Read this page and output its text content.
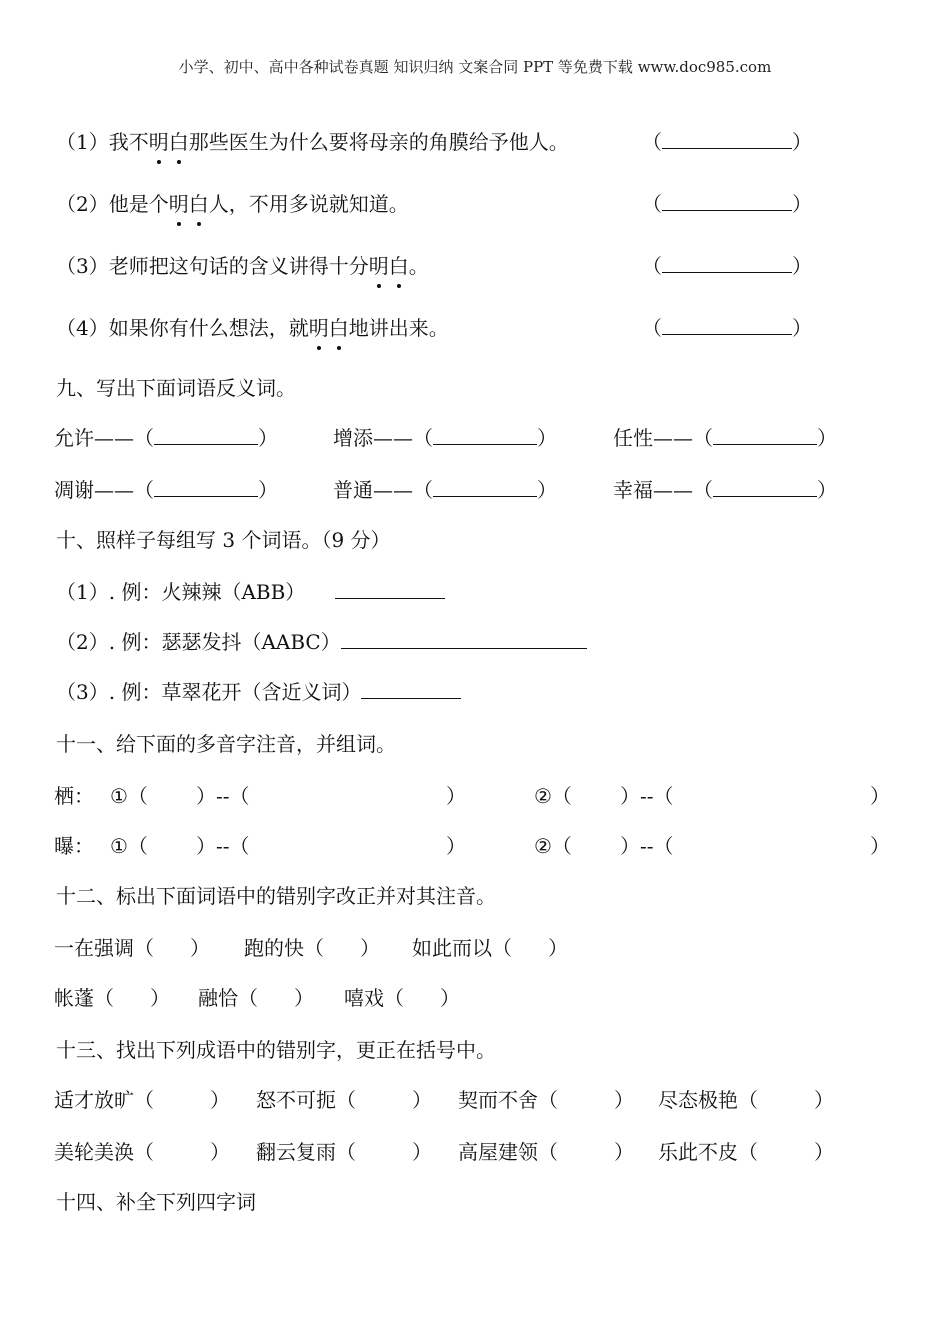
小学、初中、高中各种试卷真题 知识归纳 文案合同 PPT 等免费下载 www.doc985.com
（1）我不明白那些医生为什么要将母亲的角膜给予他人。	（	）
（2）他是个明白人，不用多说就知道。	（	）
（3）老师把这句话的含义讲得十分明白。	（	）
（4）如果你有什么想法，就明白地讲出来。	（	）
九、写出下面词语反义词。
允许——（	）	增添——（	）	任性——（	）
凋谢——（	）	普通——（	）	幸福——（	）
十、照样子每组写 3 个词语。（9 分）
（1）. 例：火辣辣（ABB）
（2）. 例：瑟瑟发抖（AABC）
（3）. 例：草翠花开（含近义词）
十一、给下面的多音字注音，并组词。
栖： ①（ ）--（	）	②（ ）--（	）
曝： ①（ ）--（	）	②（ ）--（	）
十二、标出下面词语中的错别字改正并对其注音。
一在强调（ ） 跑的快（ ） 如此而以（ ）
帐蓬（ ） 融恰（ ） 嘻戏（ ）
十三、找出下列成语中的错别字，更正在括号中。
适才放旷（	） 怒不可扼（	） 契而不舍（	） 尽态极艳（	）
美轮美涣（	） 翻云复雨（	） 高屋建领（	） 乐此不皮（	）
十四、补全下列四字词
